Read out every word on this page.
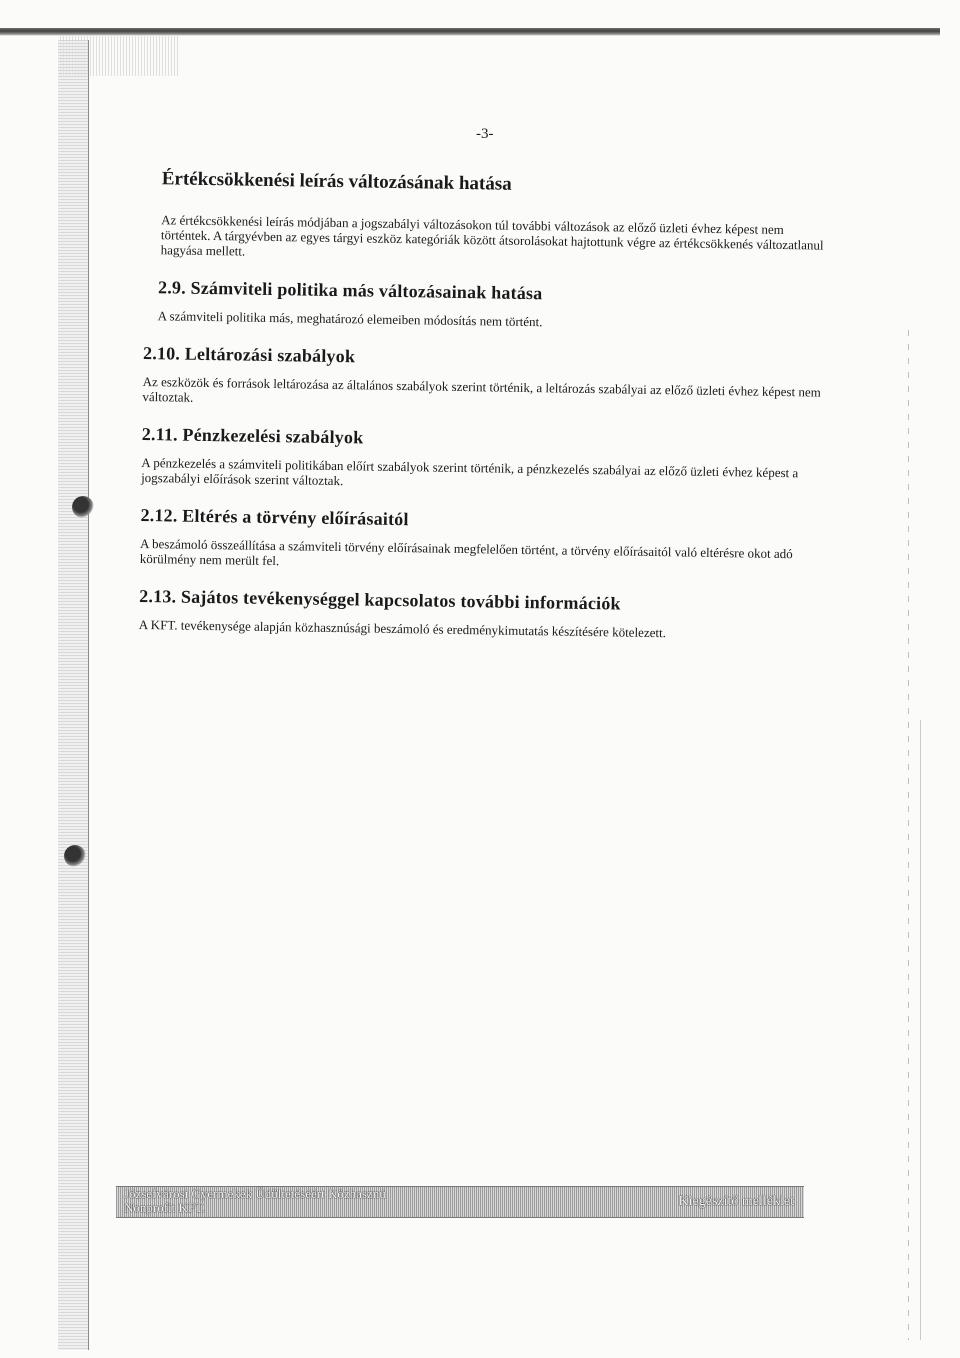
-3-
Értékcsökkenési leírás változásának hatása

Az értékcsökkenési leírás módjában a jogszabályi változásokon túl további változások az előző üzleti évhez képest nem történtek. A tárgyévben az egyes tárgyi eszköz kategóriák között átsorolásokat hajtottunk végre az értékcsökkenés változatlanul hagyása mellett.

2.9. Számviteli politika más változásainak hatása

A számviteli politika más, meghatározó elemeiben módosítás nem történt.

2.10. Leltározási szabályok

Az eszközök és források leltározása az általános szabályok szerint történik, a leltározás szabályai az előző üzleti évhez képest nem változtak.

2.11. Pénzkezelési szabályok

A pénzkezelés a számviteli politikában előírt szabályok szerint történik, a pénzkezelés szabályai az előző üzleti évhez képest a jogszabályi előírások szerint változtak.

2.12. Eltérés a törvény előírásaitól

A beszámoló összeállítása a számviteli törvény előírásainak megfelelően történt, a törvény előírásaitól való eltérésre okot adó körülmény nem merült fel.

2.13. Sajátos tevékenységgel kapcsolatos további információk

A KFT. tevékenysége alapján közhasznúsági beszámoló és eredménykimutatás készítésére kötelezett.

Józsefvárosi Gyermekek Üdültetéséért Közhasznú
Nonprofit KFT.	Kiegészítő melléklet
